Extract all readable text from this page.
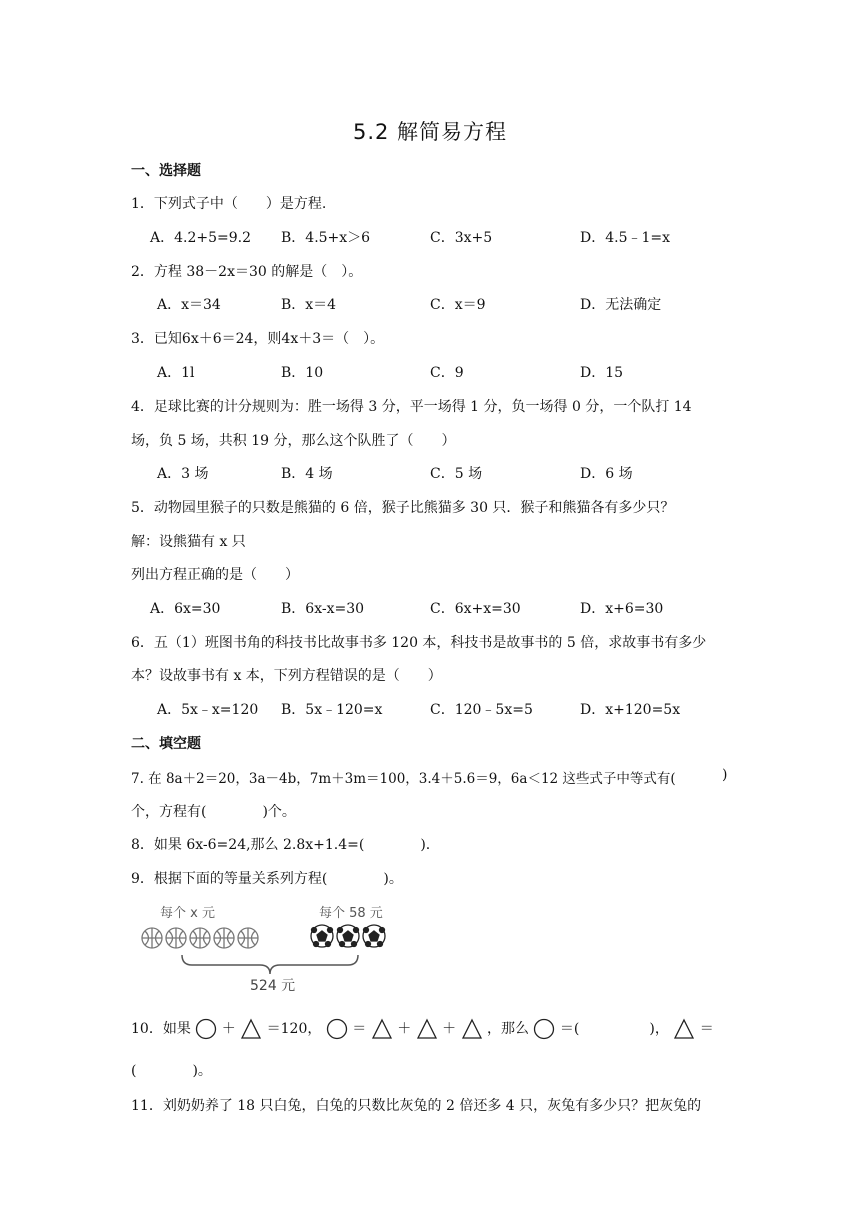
5.2 解简易方程
一、选择题
1．下列式子中（　　）是方程.
A．4.2+5=9.2 B．4.5+x＞6	C．3x+5	D．4.5﹣1=x
2．方程 38－2x＝30 的解是（　）。
A．x＝34	B．x＝4	C．x＝9	D．无法确定
3．已知6x＋6＝24，则4x＋3＝（　）。
A．1l	B．10	C．9	D．15
4．足球比赛的计分规则为：胜一场得 3 分，平一场得 1 分，负一场得 0 分，一个队打 14
场，负 5 场，共积 19 分，那么这个队胜了（　　）
A．3 场	B．4 场	C．5 场	D．6 场
5．动物园里猴子的只数是熊猫的 6 倍，猴子比熊猫多 30 只．猴子和熊猫各有多少只？
解：设熊猫有 x 只
列出方程正确的是（　　）
A．6x=30	B．6x-x=30	C．6x+x=30	D．x+6=30
6．五（1）班图书角的科技书比故事书多 120 本，科技书是故事书的 5 倍，求故事书有多少
本？设故事书有 x 本，下列方程错误的是（　　）
A．5x﹣x=120 B．5x﹣120=x	C．120﹣5x=5	D．x+120=5x
二、填空题
7. 在 8a＋2＝20，3a－4b，7m＋3m＝100，3.4＋5.6＝9，6a＜12 这些式子中等式有(	)
个，方程有(　　　　)个。
8．如果 6x-6=24,那么 2.8x+1.4=(　　　　).
9．根据下面的等量关系列方程(　　　　)。
每个 x 元	每个 58 元
524 元
10．如果 ＋ ＝120， ＝ ＋ ＋ ，那么 ＝(　　　　　)， ＝
(　　　　)。
11．刘奶奶养了 18 只白兔，白兔的只数比灰兔的 2 倍还多 4 只，灰兔有多少只？把灰兔的
